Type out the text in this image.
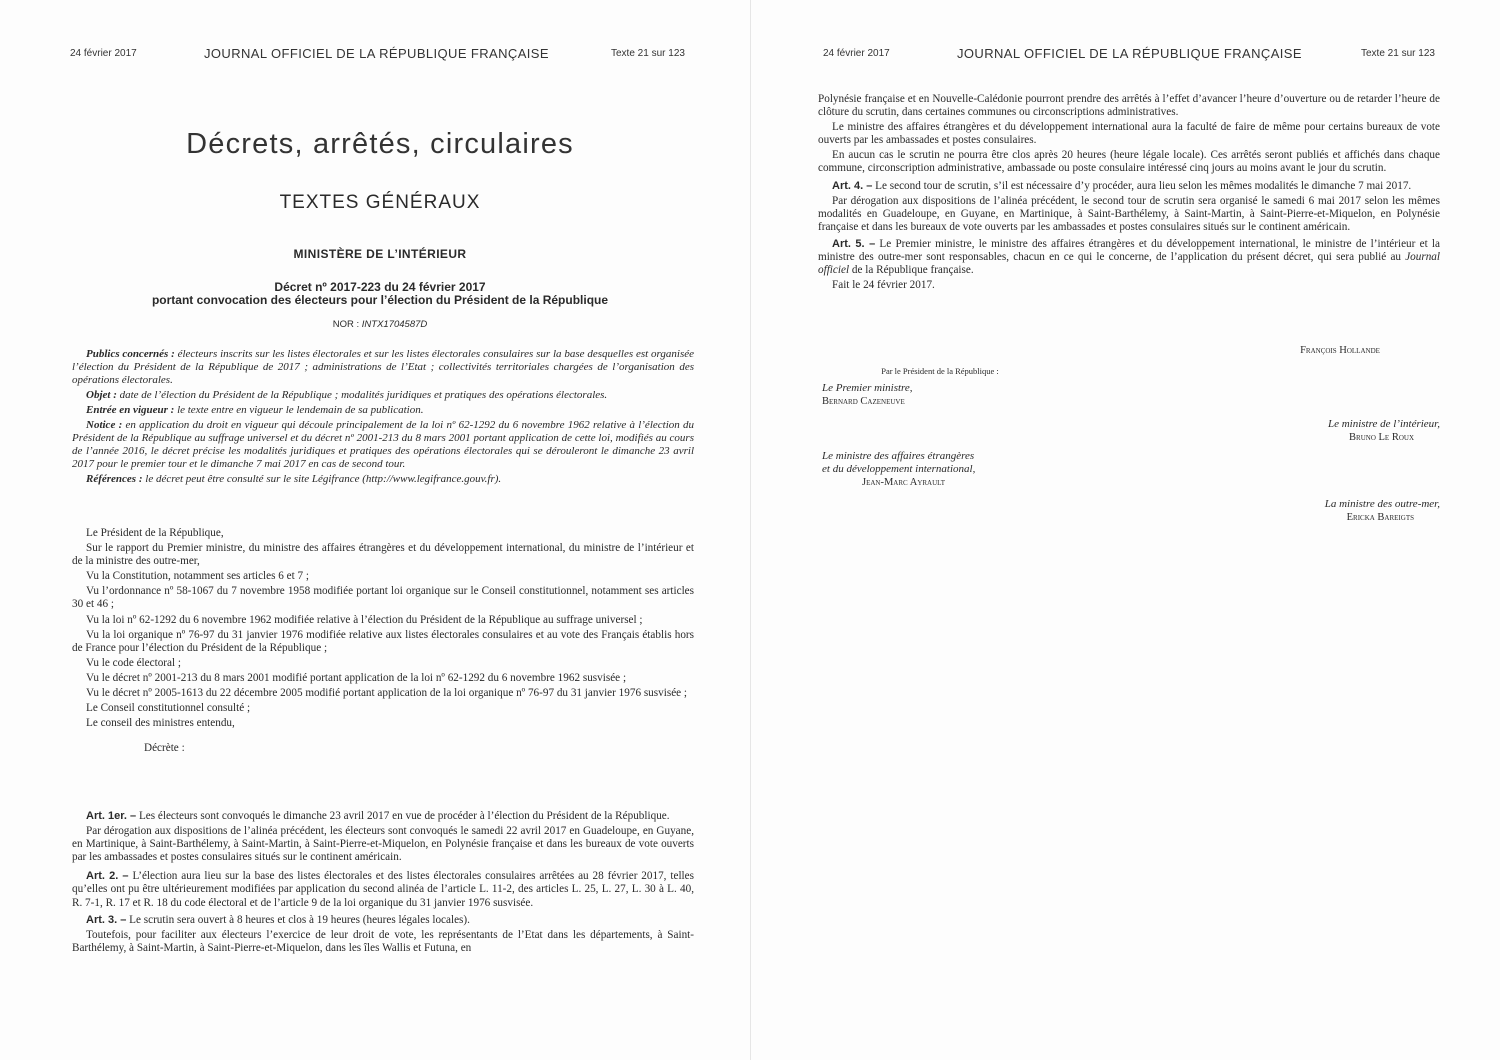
24 février 2017	JOURNAL OFFICIEL DE LA RÉPUBLIQUE FRANÇAISE	Texte 21 sur 123
Décrets, arrêtés, circulaires
TEXTES GÉNÉRAUX
MINISTÈRE DE L’INTÉRIEUR
Décret nº 2017-223 du 24 février 2017
portant convocation des électeurs pour l’élection du Président de la République
NOR : INTX1704587D

Publics concernés : électeurs inscrits sur les listes électorales et sur les listes électorales consulaires sur la base desquelles est organisée l’élection du Président de la République de 2017 ; administrations de l’Etat ; collectivités territoriales chargées de l’organisation des opérations électorales.

Objet : date de l’élection du Président de la République ; modalités juridiques et pratiques des opérations électorales.

Entrée en vigueur : le texte entre en vigueur le lendemain de sa publication.

Notice : en application du droit en vigueur qui découle principalement de la loi nº 62-1292 du 6 novembre 1962 relative à l’élection du Président de la République au suffrage universel et du décret nº 2001-213 du 8 mars 2001 portant application de cette loi, modifiés au cours de l’année 2016, le décret précise les modalités juridiques et pratiques des opérations électorales qui se dérouleront le dimanche 23 avril 2017 pour le premier tour et le dimanche 7 mai 2017 en cas de second tour.

Références : le décret peut être consulté sur le site Légifrance (http://www.legifrance.gouv.fr).

Le Président de la République,

Sur le rapport du Premier ministre, du ministre des affaires étrangères et du développement international, du ministre de l’intérieur et de la ministre des outre-mer,

Vu la Constitution, notamment ses articles 6 et 7 ;

Vu l’ordonnance nº 58-1067 du 7 novembre 1958 modifiée portant loi organique sur le Conseil constitutionnel, notamment ses articles 30 et 46 ;

Vu la loi nº 62-1292 du 6 novembre 1962 modifiée relative à l’élection du Président de la République au suffrage universel ;

Vu la loi organique nº 76-97 du 31 janvier 1976 modifiée relative aux listes électorales consulaires et au vote des Français établis hors de France pour l’élection du Président de la République ;

Vu le code électoral ;

Vu le décret nº 2001-213 du 8 mars 2001 modifié portant application de la loi nº 62-1292 du 6 novembre 1962 susvisée ;

Vu le décret nº 2005-1613 du 22 décembre 2005 modifié portant application de la loi organique nº 76-97 du 31 janvier 1976 susvisée ;

Le Conseil constitutionnel consulté ;

Le conseil des ministres entendu,

Décrète :

Art. 1er. – Les électeurs sont convoqués le dimanche 23 avril 2017 en vue de procéder à l’élection du Président de la République.

Par dérogation aux dispositions de l’alinéa précédent, les électeurs sont convoqués le samedi 22 avril 2017 en Guadeloupe, en Guyane, en Martinique, à Saint-Barthélemy, à Saint-Martin, à Saint-Pierre-et-Miquelon, en Polynésie française et dans les bureaux de vote ouverts par les ambassades et postes consulaires situés sur le continent américain.

Art. 2. – L’élection aura lieu sur la base des listes électorales et des listes électorales consulaires arrêtées au 28 février 2017, telles qu’elles ont pu être ultérieurement modifiées par application du second alinéa de l’article L. 11-2, des articles L. 25, L. 27, L. 30 à L. 40, R. 7-1, R. 17 et R. 18 du code électoral et de l’article 9 de la loi organique du 31 janvier 1976 susvisée.

Art. 3. – Le scrutin sera ouvert à 8 heures et clos à 19 heures (heures légales locales).

Toutefois, pour faciliter aux électeurs l’exercice de leur droit de vote, les représentants de l’Etat dans les départements, à Saint-Barthélemy, à Saint-Martin, à Saint-Pierre-et-Miquelon, dans les îles Wallis et Futuna, en

24 février 2017	JOURNAL OFFICIEL DE LA RÉPUBLIQUE FRANÇAISE	Texte 21 sur 123

Polynésie française et en Nouvelle-Calédonie pourront prendre des arrêtés à l’effet d’avancer l’heure d’ouverture ou de retarder l’heure de clôture du scrutin, dans certaines communes ou circonscriptions administratives.

Le ministre des affaires étrangères et du développement international aura la faculté de faire de même pour certains bureaux de vote ouverts par les ambassades et postes consulaires.

En aucun cas le scrutin ne pourra être clos après 20 heures (heure légale locale). Ces arrêtés seront publiés et affichés dans chaque commune, circonscription administrative, ambassade ou poste consulaire intéressé cinq jours au moins avant le jour du scrutin.

Art. 4. – Le second tour de scrutin, s’il est nécessaire d’y procéder, aura lieu selon les mêmes modalités le dimanche 7 mai 2017.

Par dérogation aux dispositions de l’alinéa précédent, le second tour de scrutin sera organisé le samedi 6 mai 2017 selon les mêmes modalités en Guadeloupe, en Guyane, en Martinique, à Saint-Barthélemy, à Saint-Martin, à Saint-Pierre-et-Miquelon, en Polynésie française et dans les bureaux de vote ouverts par les ambassades et postes consulaires situés sur le continent américain.

Art. 5. – Le Premier ministre, le ministre des affaires étrangères et du développement international, le ministre de l’intérieur et la ministre des outre-mer sont responsables, chacun en ce qui le concerne, de l’application du présent décret, qui sera publié au Journal officiel de la République française.

Fait le 24 février 2017.

François Hollande
Par le Président de la République :
Le Premier ministre,
Bernard Cazeneuve
Le ministre de l’intérieur,
Bruno Le Roux
Le ministre des affaires étrangères
et du développement international,
Jean-Marc Ayrault
La ministre des outre-mer,
Ericka Bareigts
